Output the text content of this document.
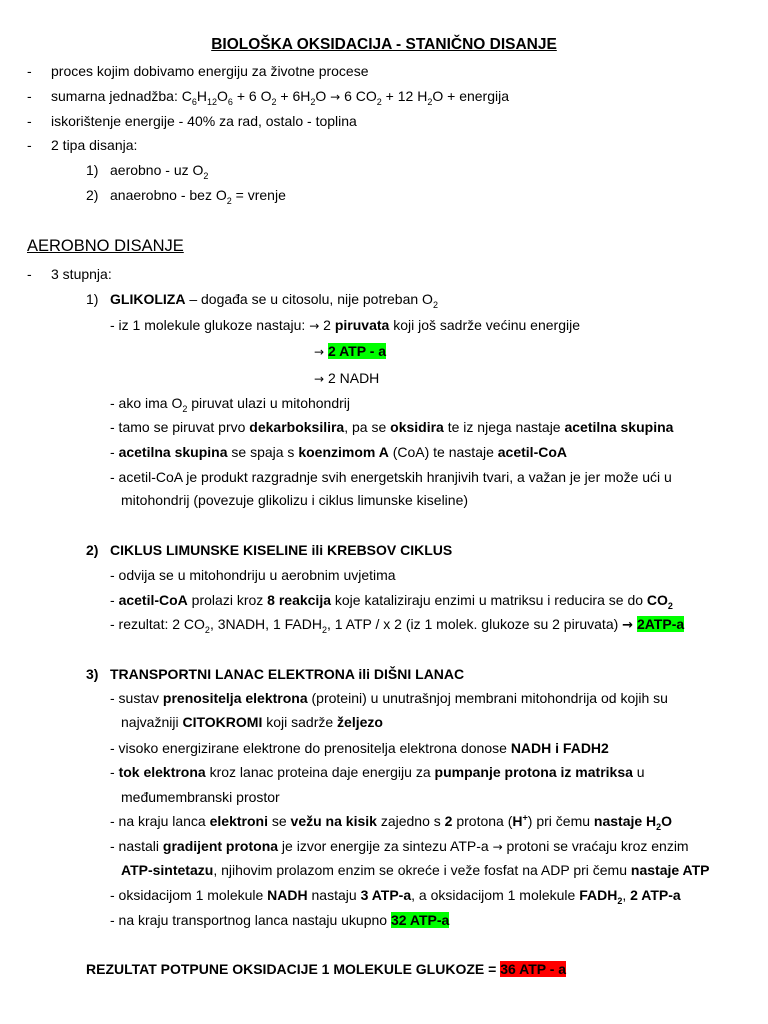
BIOLOŠKA OKSIDACIJA - STANIČNO DISANJE
- proces kojim dobivamo energiju za životne procese
- sumarna jednadžba: $C_6H_{12}O_6 + 6$ $O_2 + 6H_2O \to 6$ $CO_2 + 12$ $H_2O$ + energija
- iskorištenje energije - 40% za rad, ostalo - toplina
- 2 tipa disanja:
1) aerobno - uz $O_2$
2) anaerobno - bez $O_2$ = vrenje
AEROBNO DISANJE
- 3 stupnja:
1) GLIKOLIZA – događa se u citosolu, nije potreban $O_2$
- iz 1 molekule glukoze nastaju: → 2 piruvata koji još sadrže većinu energije
→ 2 ATP - a
→ 2 NADH
- ako ima $O_2$ piruvat ulazi u mitohondrij
- tamo se piruvat prvo dekarboksilira, pa se oksidira te iz njega nastaje acetilna skupina
- acetilna skupina se spaja s koenzimom A (CoA) te nastaje acetil-CoA
- acetil-CoA je produkt razgradnje svih energetskih hranjivih tvari, a važan je jer može ući u
mitohondrij (povezuje glikolizu i ciklus limunske kiseline)
2) CIKLUS LIMUNSKE KISELINE ili KREBSOV CIKLUS
- odvija se u mitohondriju u aerobnim uvjetima
- acetil-CoA prolazi kroz 8 reakcija koje kataliziraju enzimi u matriksu i reducira se do $CO_2$
- rezultat: 2 $CO_2$, 3NADH, 1 $FADH_2$, 1 ATP / x 2 (iz 1 molek. glukoze su 2 piruvata) → 2ATP-a
3) TRANSPORTNI LANAC ELEKTRONA ili DIŠNI LANAC
- sustav prenositelja elektrona (proteini) u unutrašnjoj membrani mitohondrija od kojih su
najvažniji CITOKROMI koji sadrže željezo
- visoko energizirane elektrone do prenositelja elektrona donose NADH i FADH2
- tok elektrona kroz lanac proteina daje energiju za pumpanje protona iz matriksa u
međumembranski prostor
- na kraju lanca elektroni se vežu na kisik zajedno s 2 protona (H+) pri čemu nastaje $H_2O$
- nastali gradijent protona je izvor energije za sintezu ATP-a → protoni se vraćaju kroz enzim
ATP-sintetazu, njihovim prolazom enzim se okreće i veže fosfat na ADP pri čemu nastaje ATP
- oksidacijom 1 molekule NADH nastaju 3 ATP-a, a oksidacijom 1 molekule $FADH_2$, 2 ATP-a
- na kraju transportnog lanca nastaju ukupno 32 ATP-a
REZULTAT POTPUNE OKSIDACIJE 1 MOLEKULE GLUKOZE = 36 ATP - a
